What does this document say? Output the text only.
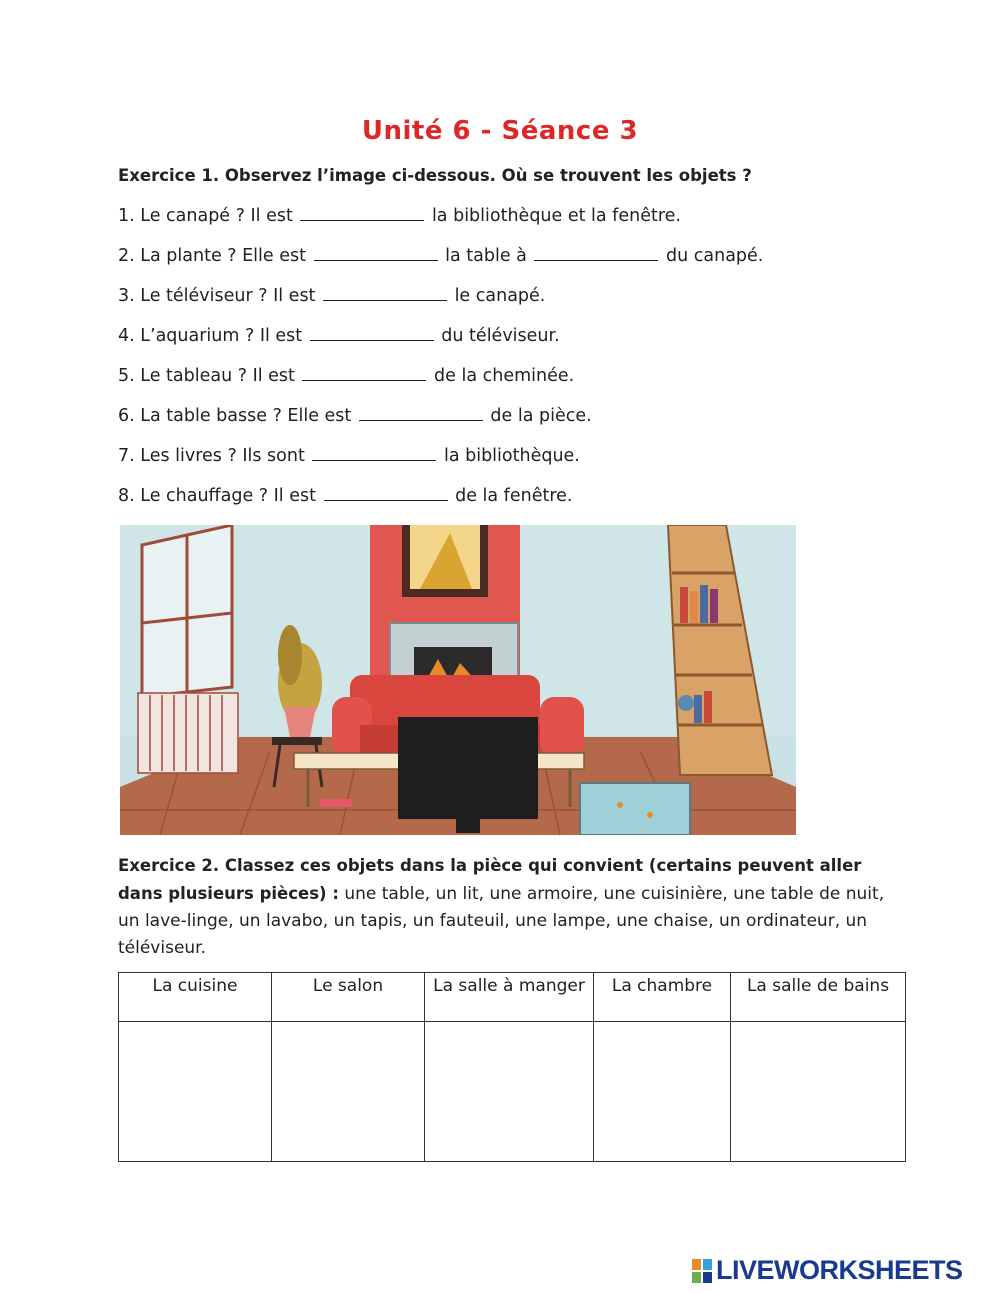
Unité 6 - Séance 3
Exercice 1. Observez l’image ci-dessous. Où se trouvent les objets ?
1. Le canapé ? Il est	la bibliothèque et la fenêtre.
2. La plante ? Elle est	la table à	du canapé.
3. Le téléviseur ? Il est	le canapé.
4. L’aquarium ? Il est	du téléviseur.
5. Le tableau ? Il est	de la cheminée.
6. La table basse ? Elle est	de la pièce.
7. Les livres ? Ils sont	la bibliothèque.
8. Le chauffage ? Il est	de la fenêtre.
Exercice 2. Classez ces objets dans la pièce qui convient (certains peuvent aller dans plusieurs pièces) : une table, un lit, une armoire, une cuisinière, une table de nuit, un lave-linge, un lavabo, un tapis, un fauteuil, une lampe, une chaise, un ordinateur, un téléviseur.
La cuisine	Le salon	La salle à manger	La chambre	La salle de bains

LIVEWORKSHEETS
